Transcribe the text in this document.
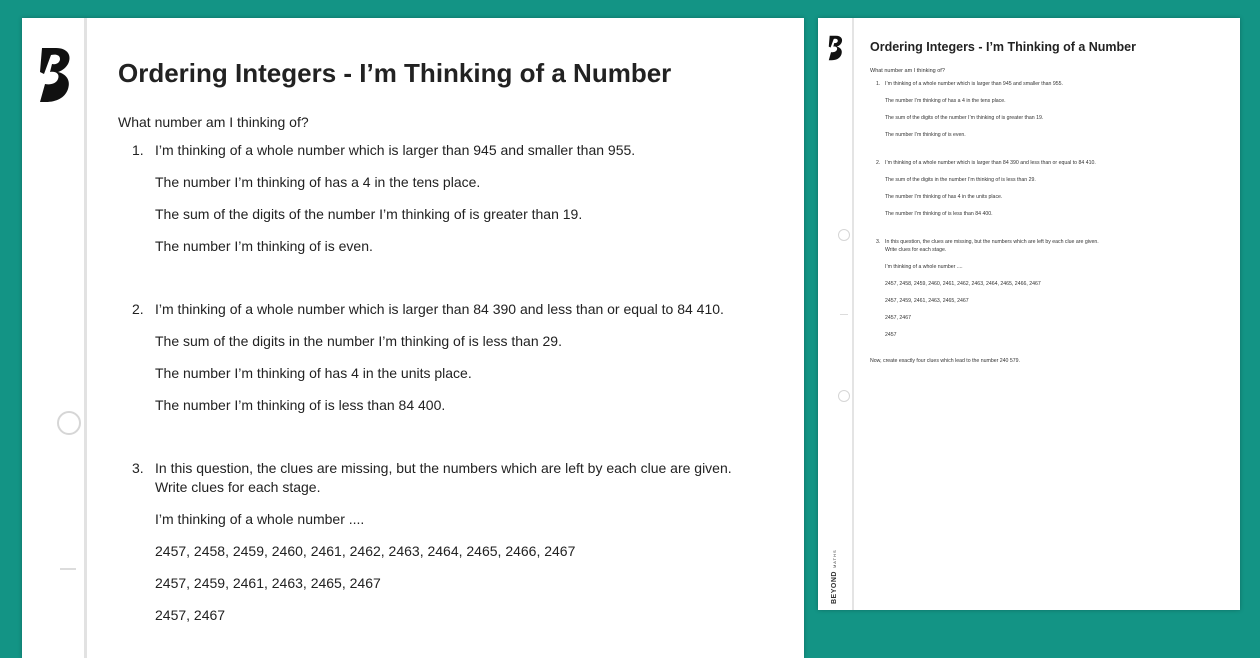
Ordering Integers - I’m Thinking of a Number
What number am I thinking of?
1. I’m thinking of a whole number which is larger than 945 and smaller than 955.
The number I’m thinking of has a 4 in the tens place.
The sum of the digits of the number I’m thinking of is greater than 19.
The number I’m thinking of is even.
2. I’m thinking of a whole number which is larger than 84 390 and less than or equal to 84 410.
The sum of the digits in the number I’m thinking of is less than 29.
The number I’m thinking of has 4 in the units place.
The number I’m thinking of is less than 84 400.
3. In this question, the clues are missing, but the numbers which are left by each clue are given.
Write clues for each stage.
I’m thinking of a whole number ....
2457, 2458, 2459, 2460, 2461, 2462, 2463, 2464, 2465, 2466, 2467
2457, 2459, 2461, 2463, 2465, 2467
2457, 2467
Ordering Integers - I’m Thinking of a Number
What number am I thinking of?
1. I’m thinking of a whole number which is larger than 945 and smaller than 955.
The number I’m thinking of has a 4 in the tens place.
The sum of the digits of the number I’m thinking of is greater than 19.
The number I’m thinking of is even.
2. I’m thinking of a whole number which is larger than 84 390 and less than or equal to 84 410.
The sum of the digits in the number I’m thinking of is less than 29.
The number I’m thinking of has 4 in the units place.
The number I’m thinking of is less than 84 400.
3. In this question, the clues are missing, but the numbers which are left by each clue are given.
Write clues for each stage.
I’m thinking of a whole number ....
2457, 2458, 2459, 2460, 2461, 2462, 2463, 2464, 2465, 2466, 2467
2457, 2459, 2461, 2463, 2465, 2467
2457, 2467
2457
Now, create exactly four clues which lead to the number 240 579.
BEYONDMATHS
